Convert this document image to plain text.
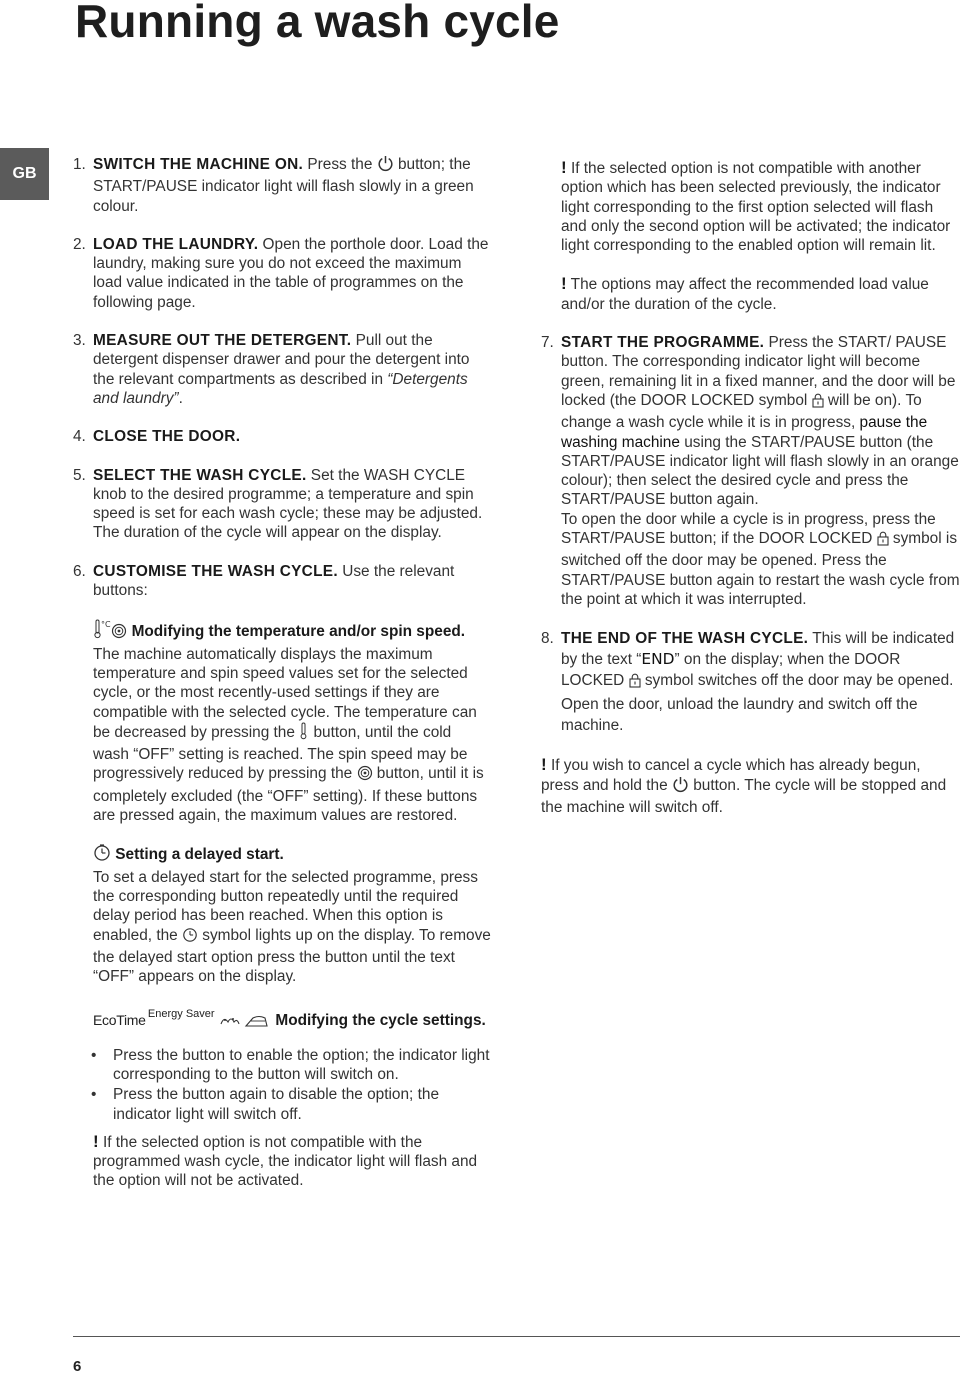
Running a wash cycle
GB
1. SWITCH THE MACHINE ON. Press the  button; the START/PAUSE indicator light will flash slowly in a green colour.
2. LOAD THE LAUNDRY. Open the porthole door. Load the laundry, making sure you do not exceed the maximum load value indicated in the table of programmes on the following page.
3. MEASURE OUT THE DETERGENT. Pull out the detergent dispenser drawer and pour the detergent into the relevant compartments as described in “Detergents and laundry”.
4. CLOSE THE DOOR.
5. SELECT THE WASH CYCLE. Set the WASH CYCLE knob to the desired programme; a temperature and spin speed is set for each wash cycle; these may be adjusted. The duration of the cycle will appear on the display.
6. CUSTOMISE THE WASH CYCLE. Use the relevant buttons:
°C Modifying the temperature and/or spin speed. The machine automatically displays the maximum temperature and spin speed values set for the selected cycle, or the most recently-used settings if they are compatible with the selected cycle. The temperature can be decreased by pressing the  button, until the cold wash “OFF” setting is reached. The spin speed may be progressively reduced by pressing the  button, until it is completely excluded (the “OFF” setting). If these buttons are pressed again, the maximum values are restored.
Setting a delayed start.
To set a delayed start for the selected programme, press the corresponding button repeatedly until the required delay period has been reached. When this option is enabled, the  symbol lights up on the display. To remove the delayed start option press the button until the text “OFF” appears on the display.
EcoTime $^{Energy Saver}$	Modifying the cycle settings.
• Press the button to enable the option; the indicator light corresponding to the button will switch on.
• Press the button again to disable the option; the indicator light will switch off.
! If the selected option is not compatible with the programmed wash cycle, the indicator light will flash and the option will not be activated.
! If the selected option is not compatible with another option which has been selected previously, the indicator light corresponding to the first option selected will flash and only the second option will be activated; the indicator light corresponding to the enabled option will remain lit.
! The options may affect the recommended load value and/or the duration of the cycle.
7. START THE PROGRAMME. Press the START/ PAUSE button. The corresponding indicator light will become green, remaining lit in a fixed manner, and the door will be locked (the DOOR LOCKED symbol  will be on). To change a wash cycle while it is in progress, pause the washing machine using the START/PAUSE button (the START/PAUSE indicator light will flash slowly in an orange colour); then select the desired cycle and press the START/PAUSE button again.
To open the door while a cycle is in progress, press the START/PAUSE button; if the DOOR LOCKED  symbol is switched off the door may be opened. Press the START/PAUSE button again to restart the wash cycle from the point at which it was interrupted.
8. THE END OF THE WASH CYCLE. This will be indicated by the text “END” on the display; when the DOOR LOCKED  symbol switches off the door may be opened. Open the door, unload the laundry and switch off the machine.
! If you wish to cancel a cycle which has already begun, press and hold the  button. The cycle will be stopped and the machine will switch off.
6
